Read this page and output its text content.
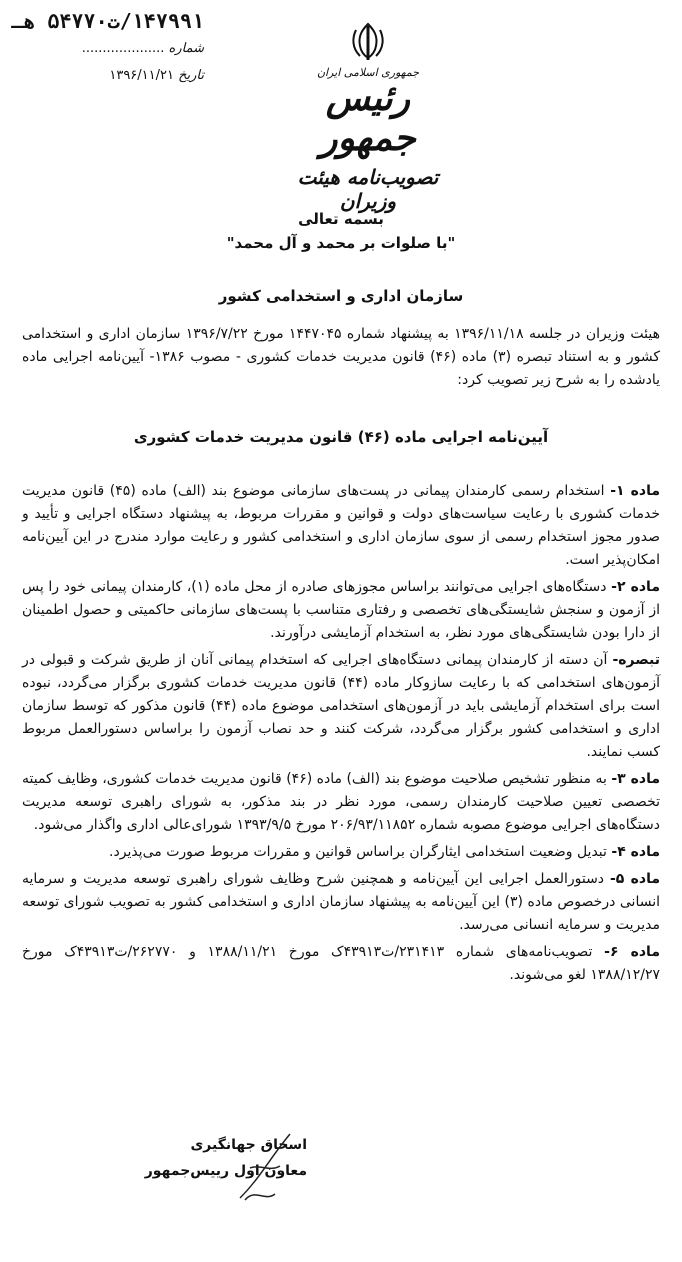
۱۴۷۹۹۱/ت۵۴۷۷۰ هـ
شماره ....................
تاریخ ۱۳۹۶/۱۱/۲۱	جمهوری اسلامی ایران
رئیس جمهور
تصویب‌نامه هیئت وزیران
بسمه تعالی
"با صلوات بر محمد و آل محمد"
سازمان اداری و استخدامی کشور
هیئت وزیران در جلسه ۱۳۹۶/۱۱/۱۸ به پیشنهاد شماره ۱۴۴۷۰۴۵ مورخ ۱۳۹۶/۷/۲۲ سازمان اداری و استخدامی کشور و به استناد تبصره (۳) ماده (۴۶) قانون مدیریت خدمات کشوری - مصوب ۱۳۸۶- آیین‌نامه اجرایی ماده یادشده را به شرح زیر تصویب کرد:
آیین‌نامه اجرایی ماده (۴۶) قانون مدیریت خدمات کشوری

ماده ۱- استخدام رسمی کارمندان پیمانی در پست‌های سازمانی موضوع بند (الف) ماده (۴۵) قانون مدیریت خدمات کشوری با رعایت سیاست‌های دولت و قوانین و مقررات مربوط، به پیشنهاد دستگاه اجرایی و تأیید و صدور مجوز استخدام رسمی از سوی سازمان اداری و استخدامی کشور و رعایت موارد مندرج در این آیین‌نامه امکان‌پذیر است.

ماده ۲- دستگاه‌های اجرایی می‌توانند براساس مجوزهای صادره از محل ماده (۱)، کارمندان پیمانی خود را پس از آزمون و سنجش شایستگی‌های تخصصی و رفتاری متناسب با پست‌های سازمانی حاکمیتی و حصول اطمینان از دارا بودن شایستگی‌های مورد نظر، به استخدام آزمایشی درآورند.

تبصره- آن دسته از کارمندان پیمانی دستگاه‌های اجرایی که استخدام پیمانی آنان از طریق شرکت و قبولی در آزمون‌های استخدامی که با رعایت سازوکار ماده (۴۴) قانون مدیریت خدمات کشوری برگزار می‌گردد، نبوده است برای استخدام آزمایشی باید در آزمون‌های استخدامی موضوع ماده (۴۴) قانون مذکور که توسط سازمان اداری و استخدامی کشور برگزار می‌گردد، شرکت کنند و حد نصاب آزمون را براساس دستورالعمل مربوط کسب نمایند.

ماده ۳- به منظور تشخیص صلاحیت موضوع بند (الف) ماده (۴۶) قانون مدیریت خدمات کشوری، وظایف کمیته تخصصی تعیین صلاحیت کارمندان رسمی، مورد نظر در بند مذکور، به شورای راهبری توسعه مدیریت دستگاه‌های اجرایی موضوع مصوبه شماره ۲۰۶/۹۳/۱۱۸۵۲ مورخ ۱۳۹۳/۹/۵ شورای‌عالی اداری واگذار می‌شود.

ماده ۴- تبدیل وضعیت استخدامی ایثارگران براساس قوانین و مقررات مربوط صورت می‌پذیرد.

ماده ۵- دستورالعمل اجرایی این آیین‌نامه و همچنین شرح وظایف شورای راهبری توسعه مدیریت و سرمایه انسانی درخصوص ماده (۳) این آیین‌نامه به پیشنهاد سازمان اداری و استخدامی کشور به تصویب شورای توسعه مدیریت و سرمایه انسانی می‌رسد.

ماده ۶- تصویب‌نامه‌های شماره ۲۳۱۴۱۳/ت۴۳۹۱۳ک مورخ ۱۳۸۸/۱۱/۲۱ و ۲۶۲۷۷۰/ت۴۳۹۱۳ک مورخ ۱۳۸۸/۱۲/۲۷ لغو می‌شوند.

اسحاق جهانگیری
معاون اول رییس‌جمهور
